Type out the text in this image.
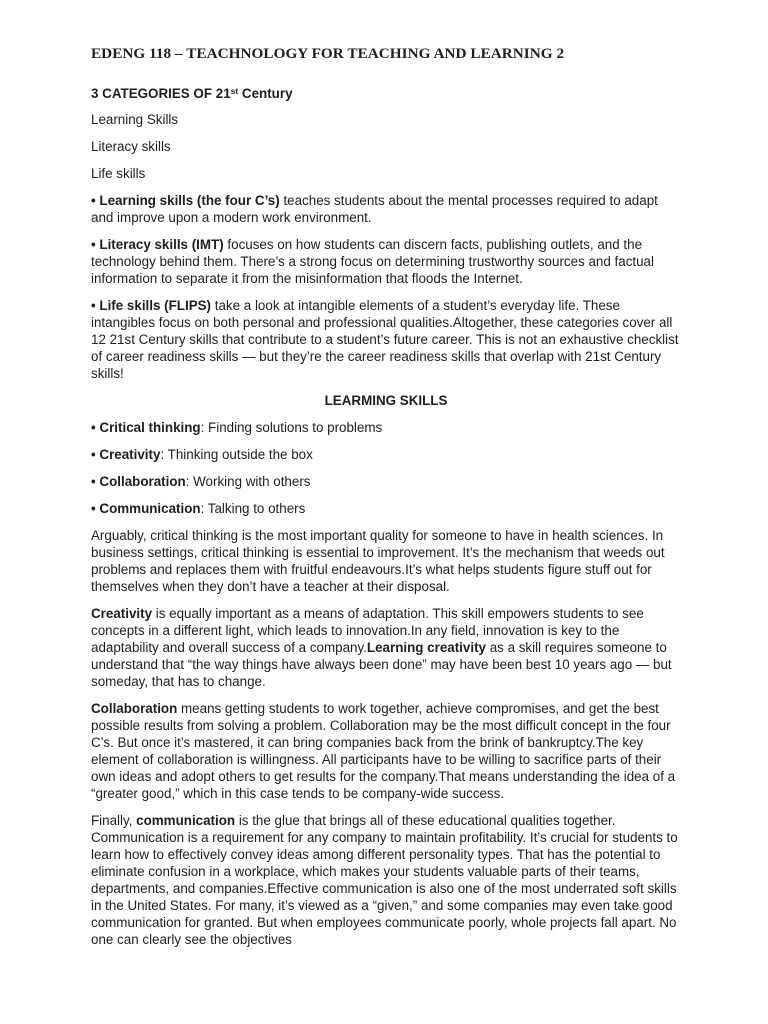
EDENG 118 – TEACHNOLOGY FOR TEACHING AND LEARNING 2
3 CATEGORIES OF 21st Century
Learning Skills
Literacy skills
Life skills

• Learning skills (the four C’s) teaches students about the mental processes required to adapt and improve upon a modern work environment.

• Literacy skills (IMT) focuses on how students can discern facts, publishing outlets, and the technology behind them. There’s a strong focus on determining trustworthy sources and factual information to separate it from the misinformation that floods the Internet.

• Life skills (FLIPS) take a look at intangible elements of a student’s everyday life. These intangibles focus on both personal and professional qualities.Altogether, these categories cover all 12 21st Century skills that contribute to a student’s future career. This is not an exhaustive checklist of career readiness skills — but they’re the career readiness skills that overlap with 21st Century skills!

LEARMING SKILLS
• Critical thinking: Finding solutions to problems
• Creativity: Thinking outside the box
• Collaboration: Working with others
• Communication: Talking to others

Arguably, critical thinking is the most important quality for someone to have in health sciences. In business settings, critical thinking is essential to improvement. It’s the mechanism that weeds out problems and replaces them with fruitful endeavours.It’s what helps students figure stuff out for themselves when they don’t have a teacher at their disposal.

Creativity is equally important as a means of adaptation. This skill empowers students to see concepts in a different light, which leads to innovation.In any field, innovation is key to the adaptability and overall success of a company.Learning creativity as a skill requires someone to understand that “the way things have always been done” may have been best 10 years ago — but someday, that has to change.

Collaboration means getting students to work together, achieve compromises, and get the best possible results from solving a problem. Collaboration may be the most difficult concept in the four C’s. But once it’s mastered, it can bring companies back from the brink of bankruptcy.The key element of collaboration is willingness. All participants have to be willing to sacrifice parts of their own ideas and adopt others to get results for the company.That means understanding the idea of a “greater good,” which in this case tends to be company-wide success.

Finally, communication is the glue that brings all of these educational qualities together. Communication is a requirement for any company to maintain profitability. It’s crucial for students to learn how to effectively convey ideas among different personality types. That has the potential to eliminate confusion in a workplace, which makes your students valuable parts of their teams, departments, and companies.Effective communication is also one of the most underrated soft skills in the United States. For many, it’s viewed as a “given,” and some companies may even take good communication for granted. But when employees communicate poorly, whole projects fall apart. No one can clearly see the objectives
